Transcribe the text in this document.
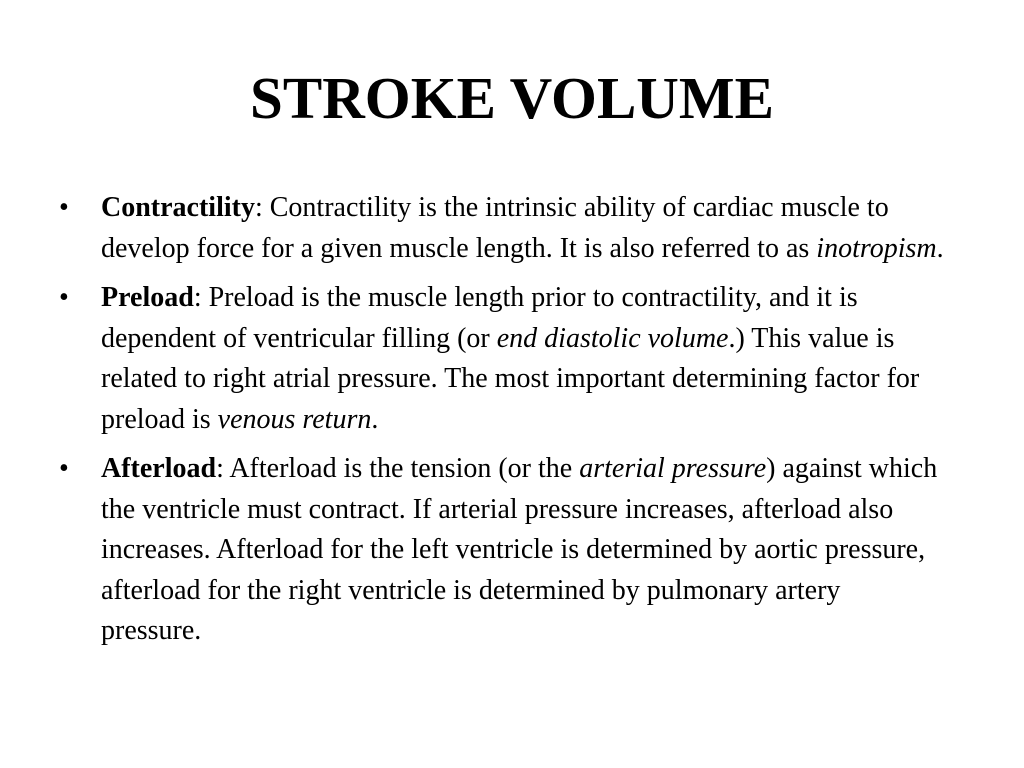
STROKE VOLUME
• Contractility: Contractility is the intrinsic ability of cardiac muscle to develop force for a given muscle length. It is also referred to as inotropism.
• Preload: Preload is the muscle length prior to contractility, and it is dependent of ventricular filling (or end diastolic volume.) This value is related to right atrial pressure. The most important determining factor for preload is venous return.
• Afterload: Afterload is the tension (or the arterial pressure) against which the ventricle must contract. If arterial pressure increases, afterload also increases. Afterload for the left ventricle is determined by aortic pressure, afterload for the right ventricle is determined by pulmonary artery pressure.
